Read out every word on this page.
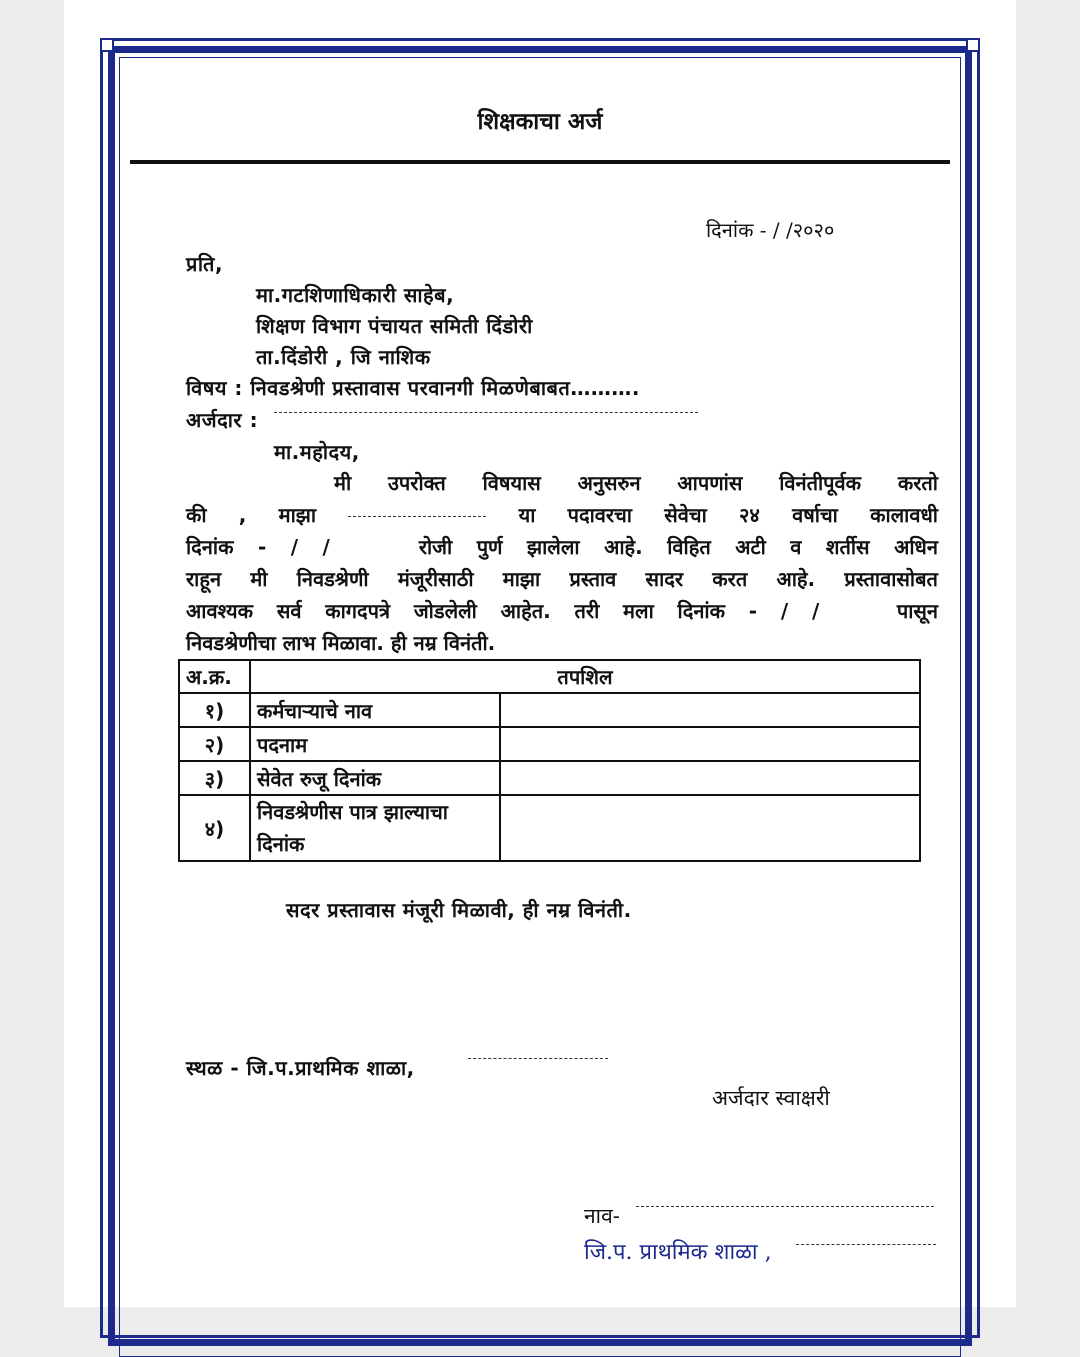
शिक्षकाचा अर्ज
दिनांक - / /२०२०
प्रति,
मा.गटशिणाधिकारी साहेब,
शिक्षण विभाग पंचायत समिती दिंडोरी
ता.दिंडोरी , जि नाशिक
विषय : निवडश्रेणी प्रस्तावास परवानगी मिळणेबाबत……….
अर्जदार :
मा.महोदय,
मी उपरोक्त विषयास अनुसरुन आपणांस विनंतीपूर्वक करतो
की , माझा	या पदावरचा सेवेचा २४ वर्षाचा कालावधी
दिनांक - / /	रोजी पुर्ण झालेला आहे. विहित अटी व शर्तीस अधिन
राहून मी निवडश्रेणी मंजूरीसाठी माझा प्रस्ताव सादर करत आहे. प्रस्तावासोबत
आवश्यक सर्व कागदपत्रे जोडलेली आहेत. तरी मला दिनांक - / /	पासून
निवडश्रेणीचा लाभ मिळावा. ही नम्र विनंती.
अ.क्र.	तपशिल	
१)	कर्मचाऱ्याचे नाव	
२)	पदनाम	
३)	सेवेत रुजू दिनांक	
४)	निवडश्रेणीस पात्र झाल्याचा दिनांक	
सदर प्रस्तावास मंजूरी मिळावी, ही नम्र विनंती.
स्थळ - जि.प.प्राथमिक शाळा,
अर्जदार स्वाक्षरी
नाव-
जि.प. प्राथमिक शाळा ,
